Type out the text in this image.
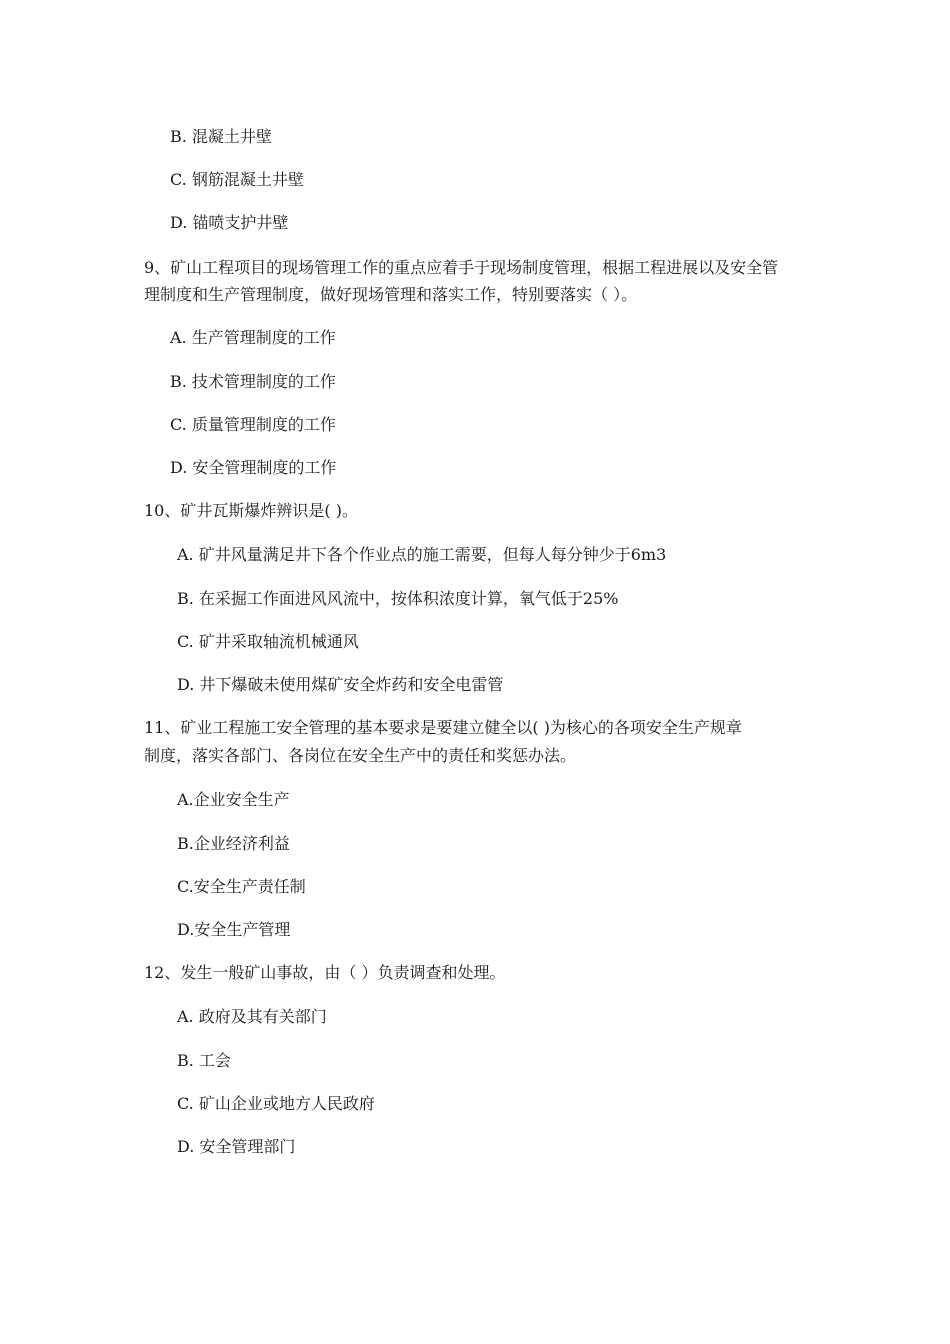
B. 混凝土井壁
C. 钢筋混凝土井壁
D. 锚喷支护井壁
9、矿山工程项目的现场管理工作的重点应着手于现场制度管理，根据工程进展以及安全管
理制度和生产管理制度，做好现场管理和落实工作，特别要落实（ ）。
A. 生产管理制度的工作
B. 技术管理制度的工作
C. 质量管理制度的工作
D. 安全管理制度的工作
10、矿井瓦斯爆炸辨识是( )。
A. 矿井风量满足井下各个作业点的施工需要，但每人每分钟少于6m3
B. 在采掘工作面进风风流中，按体积浓度计算，氧气低于25%
C. 矿井采取轴流机械通风
D. 井下爆破未使用煤矿安全炸药和安全电雷管
11、矿业工程施工安全管理的基本要求是要建立健全以( )为核心的各项安全生产规章
制度，落实各部门、各岗位在安全生产中的责任和奖惩办法。
A.企业安全生产
B.企业经济利益
C.安全生产责任制
D.安全生产管理
12、发生一般矿山事故，由（ ）负责调查和处理。
A. 政府及其有关部门
B. 工会
C. 矿山企业或地方人民政府
D. 安全管理部门
